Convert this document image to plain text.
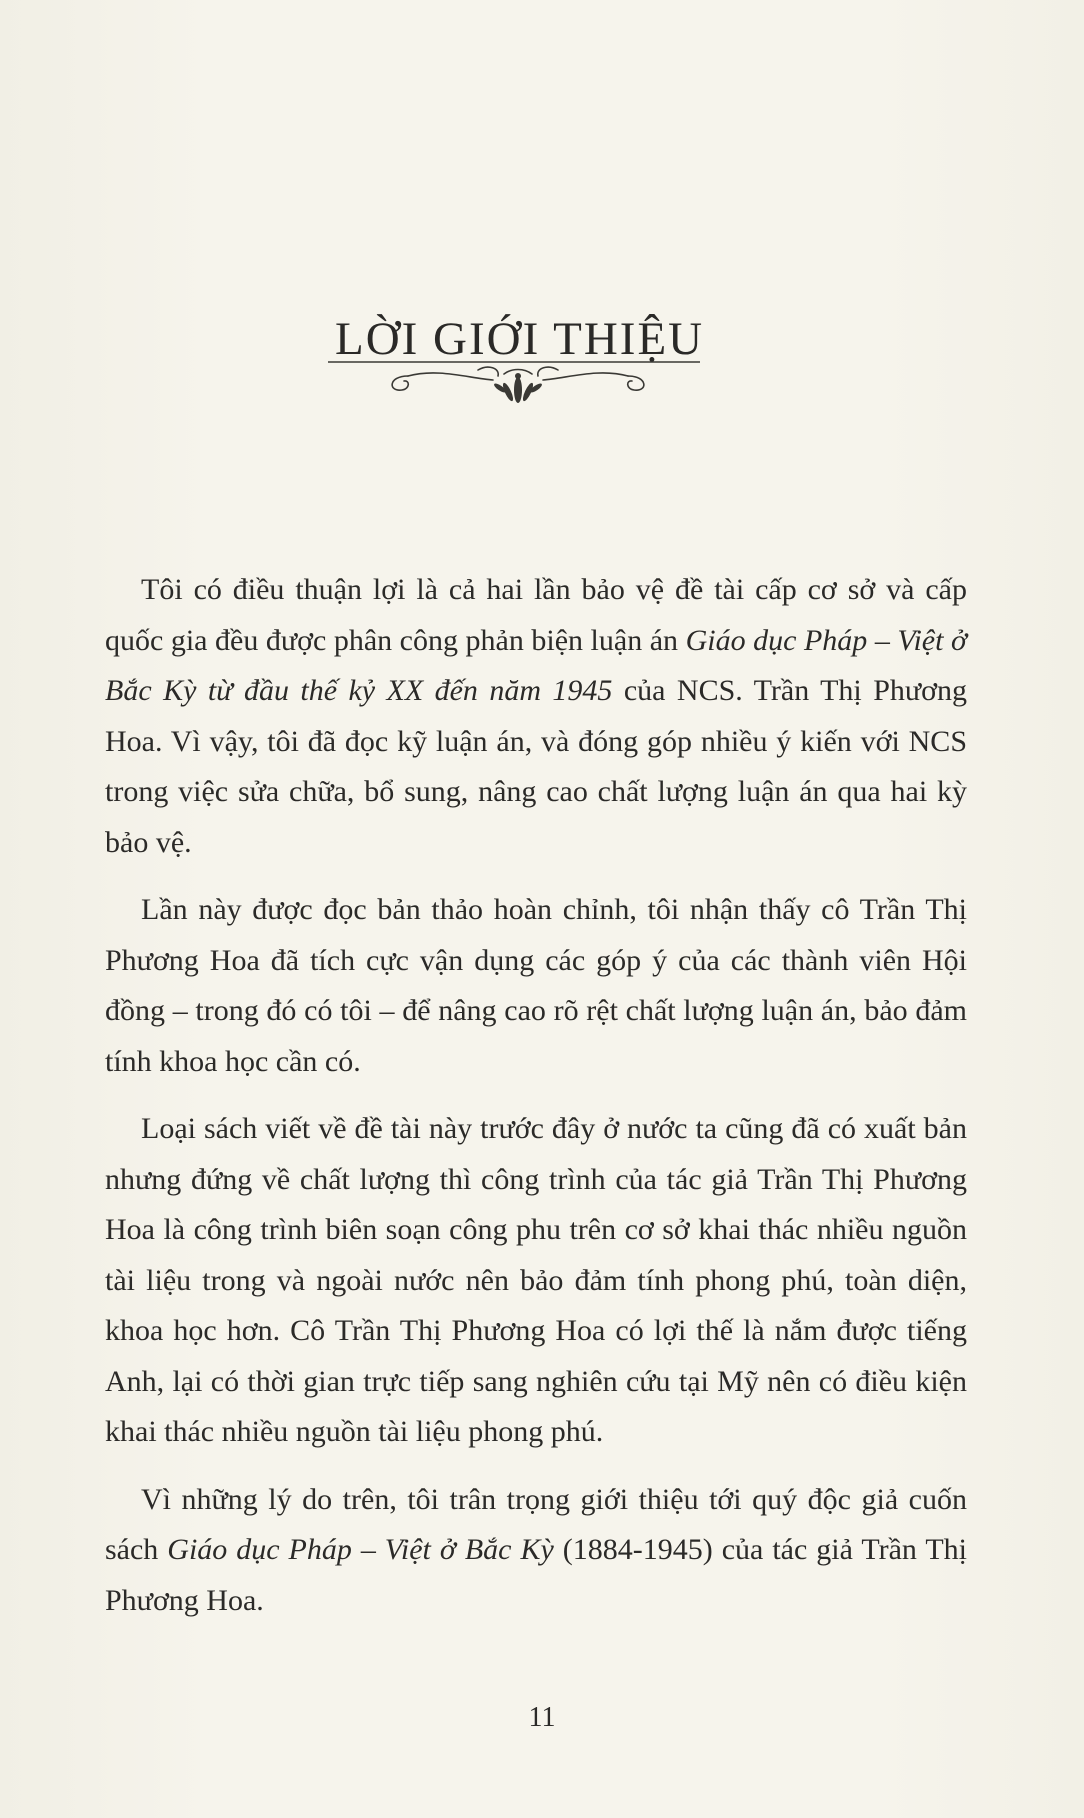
LỜI GIỚI THIỆU

Tôi có điều thuận lợi là cả hai lần bảo vệ đề tài cấp cơ sở và cấp quốc gia đều được phân công phản biện luận án Giáo dục Pháp – Việt ở Bắc Kỳ từ đầu thế kỷ XX đến năm 1945 của NCS. Trần Thị Phương Hoa. Vì vậy, tôi đã đọc kỹ luận án, và đóng góp nhiều ý kiến với NCS trong việc sửa chữa, bổ sung, nâng cao chất lượng luận án qua hai kỳ bảo vệ.

Lần này được đọc bản thảo hoàn chỉnh, tôi nhận thấy cô Trần Thị Phương Hoa đã tích cực vận dụng các góp ý của các thành viên Hội đồng – trong đó có tôi – để nâng cao rõ rệt chất lượng luận án, bảo đảm tính khoa học cần có.

Loại sách viết về đề tài này trước đây ở nước ta cũng đã có xuất bản nhưng đứng về chất lượng thì công trình của tác giả Trần Thị Phương Hoa là công trình biên soạn công phu trên cơ sở khai thác nhiều nguồn tài liệu trong và ngoài nước nên bảo đảm tính phong phú, toàn diện, khoa học hơn. Cô Trần Thị Phương Hoa có lợi thế là nắm được tiếng Anh, lại có thời gian trực tiếp sang nghiên cứu tại Mỹ nên có điều kiện khai thác nhiều nguồn tài liệu phong phú.

Vì những lý do trên, tôi trân trọng giới thiệu tới quý độc giả cuốn sách Giáo dục Pháp – Việt ở Bắc Kỳ (1884-1945) của tác giả Trần Thị Phương Hoa.

11
